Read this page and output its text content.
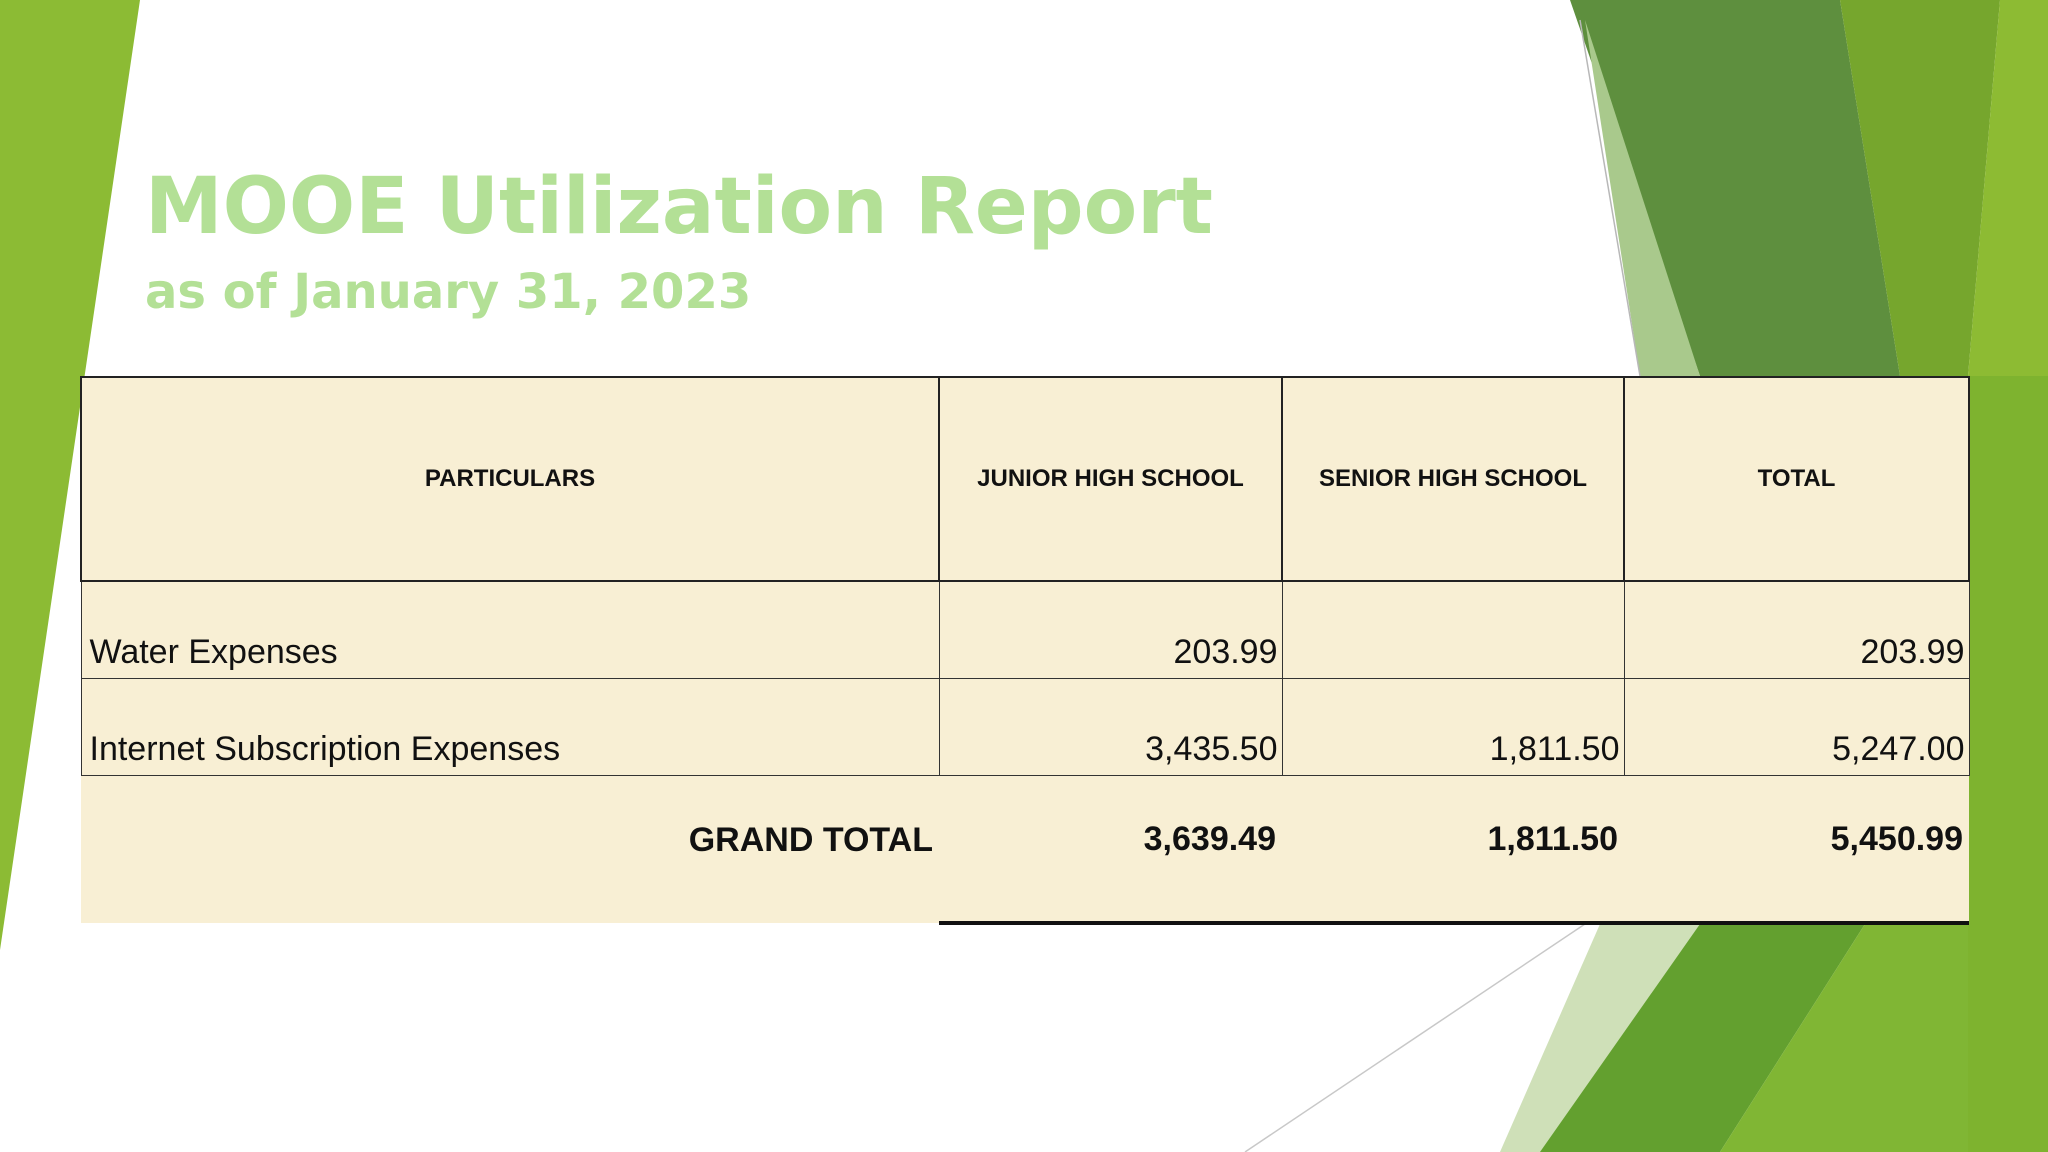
MOOE Utilization Report
as of January 31, 2023
PARTICULARS	JUNIOR HIGH SCHOOL	SENIOR HIGH SCHOOL	TOTAL
Water Expenses	203.99		203.99
Internet Subscription Expenses	3,435.50	1,811.50	5,247.00
GRAND TOTAL	3,639.49	1,811.50	5,450.99
